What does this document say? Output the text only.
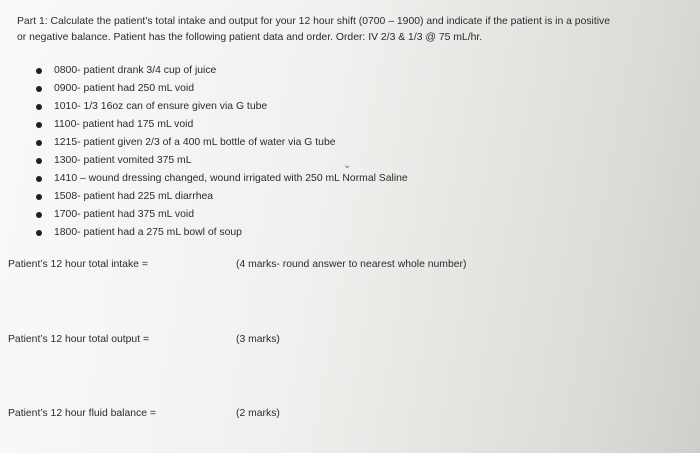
Part 1: Calculate the patient’s total intake and output for your 12 hour shift (0700 – 1900) and indicate if the patient is in a positive
or negative balance. Patient has the following patient data and order. Order: IV 2/3 & 1/3 @ 75 mL/hr.
0800- patient drank 3/4 cup of juice
0900- patient had 250 mL void
1010- 1/3 16oz can of ensure given via G tube
1100- patient had 175 mL void
1215- patient given 2/3 of a 400 mL bottle of water via G tube
1300- patient vomited 375 mL
1410 – wound dressing changed, wound irrigated with 250 mL Normal Saline
1508- patient had 225 mL diarrhea
1700- patient had 375 mL void
1800- patient had a 275 mL bowl of soup
⌄
Patient’s 12 hour total intake =	(4 marks- round answer to nearest whole number)
Patient’s 12 hour total output =	(3 marks)
Patient’s 12 hour fluid balance =	(2 marks)
